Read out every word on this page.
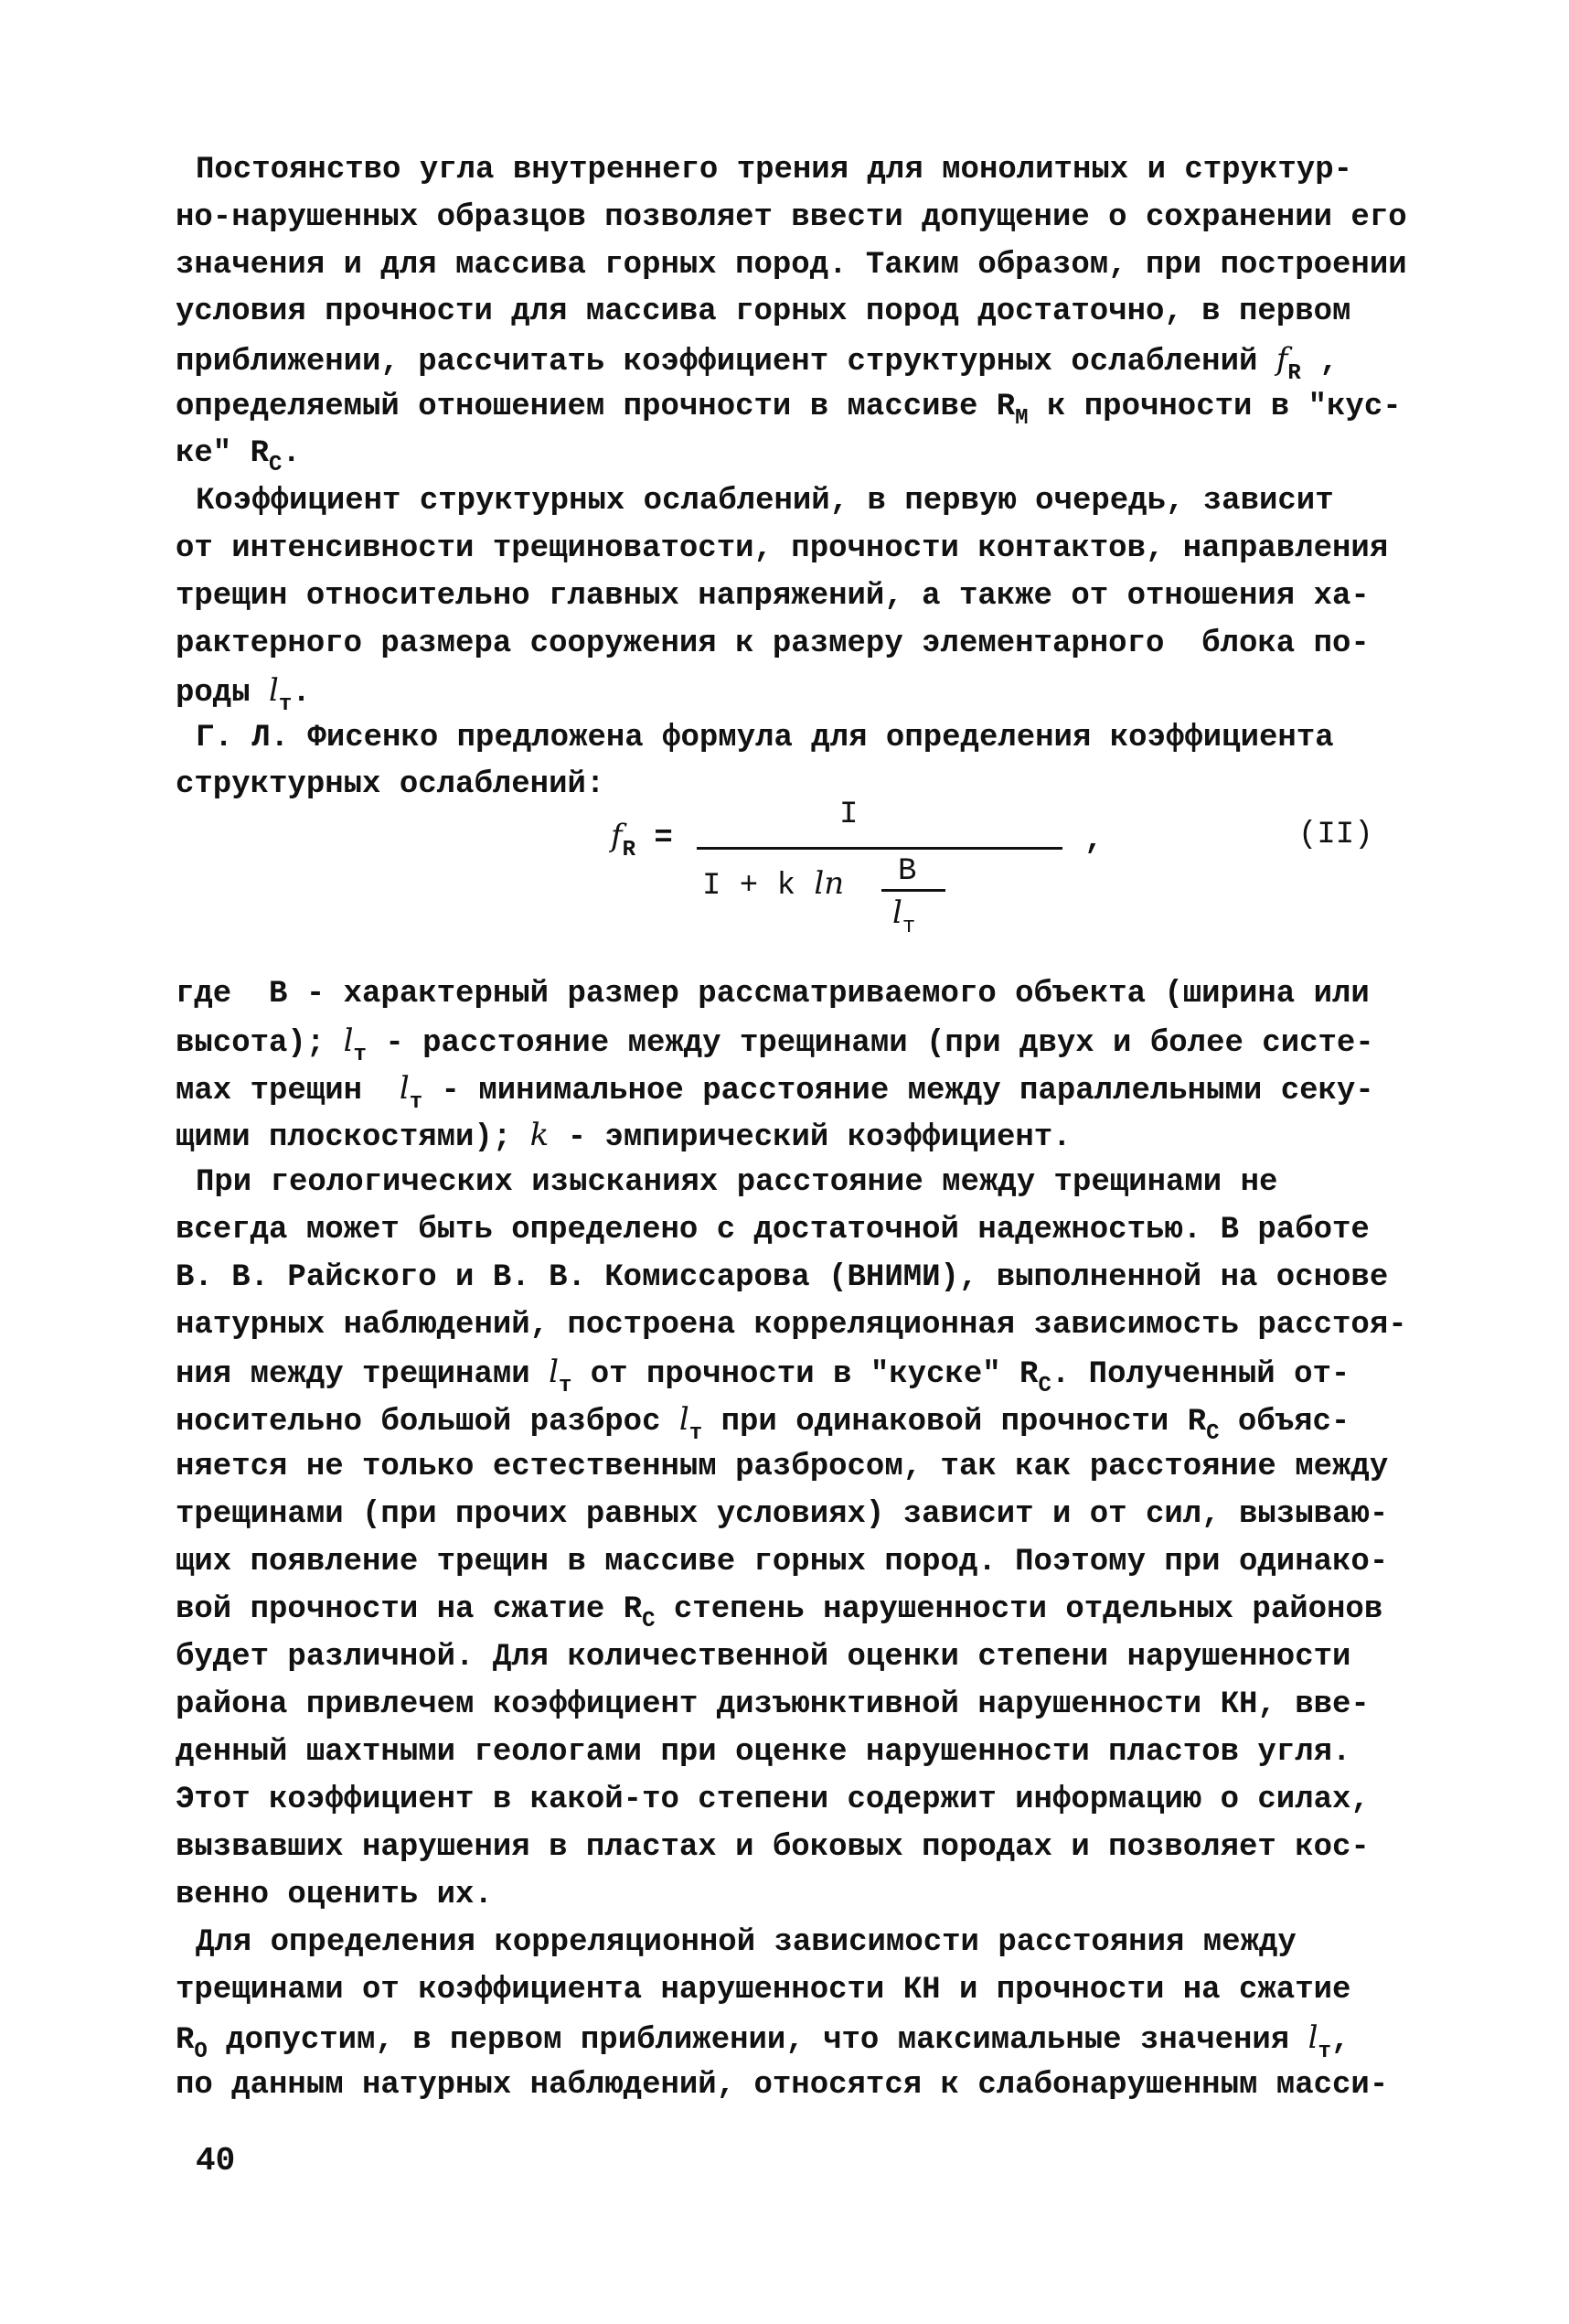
Постоянство угла внутреннего трения для монолитных и структур-
но-нарушенных образцов позволяет ввести допущение о сохранении его
значения и для массива горных пород. Таким образом, при построении
условия прочности для массива горных пород достаточно, в первом
приближении, рассчитать коэффициент структурных ослаблений $f_R$ ,
определяемый отношением прочности в массиве $R_M$ к прочности в "кус-
ке" $R_C$.
Коэффициент структурных ослаблений, в первую очередь, зависит
от интенсивности трещиноватости, прочности контактов, направления
трещин относительно главных напряжений, а также от отношения ха-
рактерного размера сооружения к размеру элементарного  блока по-
роды $l_т$.
Г. Л. Фисенко предложена формула для определения коэффициента
структурных ослаблений:
$f_R$ =
I
I + k ln B
$l_т$
,	(II)
где  В - характерный размер рассматриваемого объекта (ширина или
высота); $l_т$ - расстояние между трещинами (при двух и более систе-
мах трещин $l_т$ - минимальное расстояние между параллельными секу-
щими плоскостями); k - эмпирический коэффициент.
При геологических изысканиях расстояние между трещинами не
всегда может быть определено с достаточной надежностью. В работе
В. В. Райского и В. В. Комиссарова (ВНИМИ), выполненной на основе
натурных наблюдений, построена корреляционная зависимость расстоя-
ния между трещинами $l_т$ от прочности в "куске" $R_C$. Полученный от-
носительно большой разброс $l_т$ при одинаковой прочности $R_C$ объяс-
няется не только естественным разбросом, так как расстояние между
трещинами (при прочих равных условиях) зависит и от сил, вызываю-
щих появление трещин в массиве горных пород. Поэтому при одинако-
вой прочности на сжатие $R_C$ степень нарушенности отдельных районов
будет различной. Для количественной оценки степени нарушенности
района привлечем коэффициент дизъюнктивной нарушенности КН, вве-
денный шахтными геологами при оценке нарушенности пластов угля.
Этот коэффициент в какой-то степени содержит информацию о силах,
вызвавших нарушения в пластах и боковых породах и позволяет кос-
венно оценить их.
Для определения корреляционной зависимости расстояния между
трещинами от коэффициента нарушенности КН и прочности на сжатие
$R_O$ допустим, в первом приближении, что максимальные значения $l_т$,
по данным натурных наблюдений, относятся к слабонарушенным масси-
40
